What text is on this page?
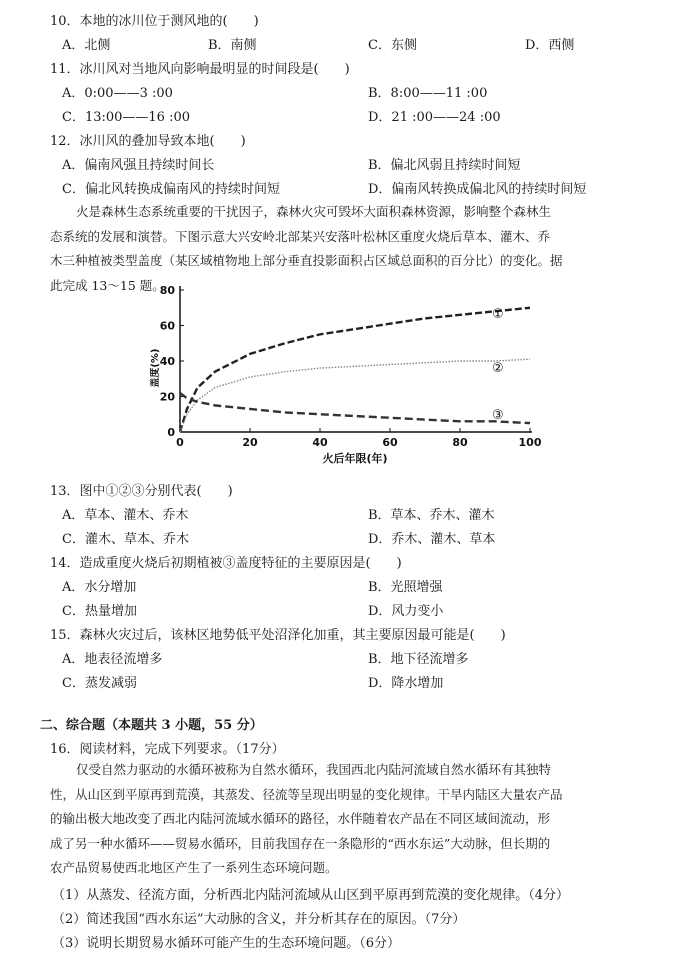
10．本地的冰川位于测风地的(　　)
A．北侧	B．南侧	C．东侧	D．西侧
11．冰川风对当地风向影响最明显的时间段是(　　)
A．0:00——3 :00	B．8:00——11 :00
C．13:00——16 :00	D．21 :00——24 :00
12．冰川风的叠加导致本地(　　)
A．偏南风强且持续时间长	B．偏北风弱且持续时间短
C．偏北风转换成偏南风的持续时间短	D．偏南风转换成偏北风的持续时间短

火是森林生态系统重要的干扰因子，森林火灾可毁坏大面积森林资源，影响整个森林生

态系统的发展和演替。下图示意大兴安岭北部某兴安落叶松林区重度火烧后草本、灌木、乔

木三种植被类型盖度（某区域植物地上部分垂直投影面积占区域总面积的百分比）的变化。据

此完成 13～15 题。

0
20
40
60
80
0	20	40	60	80	100
火后年限(年)
盖度(%)
①
②
③
13．图中①②③分别代表(　　)
A．草本、灌木、乔木	B．草本、乔木、灌木
C．灌木、草本、乔木	D．乔木、灌木、草本
14．造成重度火烧后初期植被③盖度特征的主要原因是(　　)
A．水分增加	B．光照增强
C．热量增加	D．风力变小
15．森林火灾过后，该林区地势低平处沼泽化加重，其主要原因最可能是(　　)
A．地表径流增多	B．地下径流增多
C．蒸发减弱	D．降水增加
二、综合题（本题共 3 小题，55 分）
16．阅读材料，完成下列要求。（17分）

仅受自然力驱动的水循环被称为自然水循环，我国西北内陆河流域自然水循环有其独特

性，从山区到平原再到荒漠，其蒸发、径流等呈现出明显的变化规律。干旱内陆区大量农产品

的输出极大地改变了西北内陆河流域水循环的路径，水伴随着农产品在不同区域间流动，形

成了另一种水循环——贸易水循环，目前我国存在一条隐形的“西水东运”大动脉，但长期的

农产品贸易使西北地区产生了一系列生态环境问题。

（1）从蒸发、径流方面，分析西北内陆河流域从山区到平原再到荒漠的变化规律。（4分）
（2）简述我国“西水东运”大动脉的含义，并分析其存在的原因。（7分）
（3）说明长期贸易水循环可能产生的生态环境问题。（6分）
